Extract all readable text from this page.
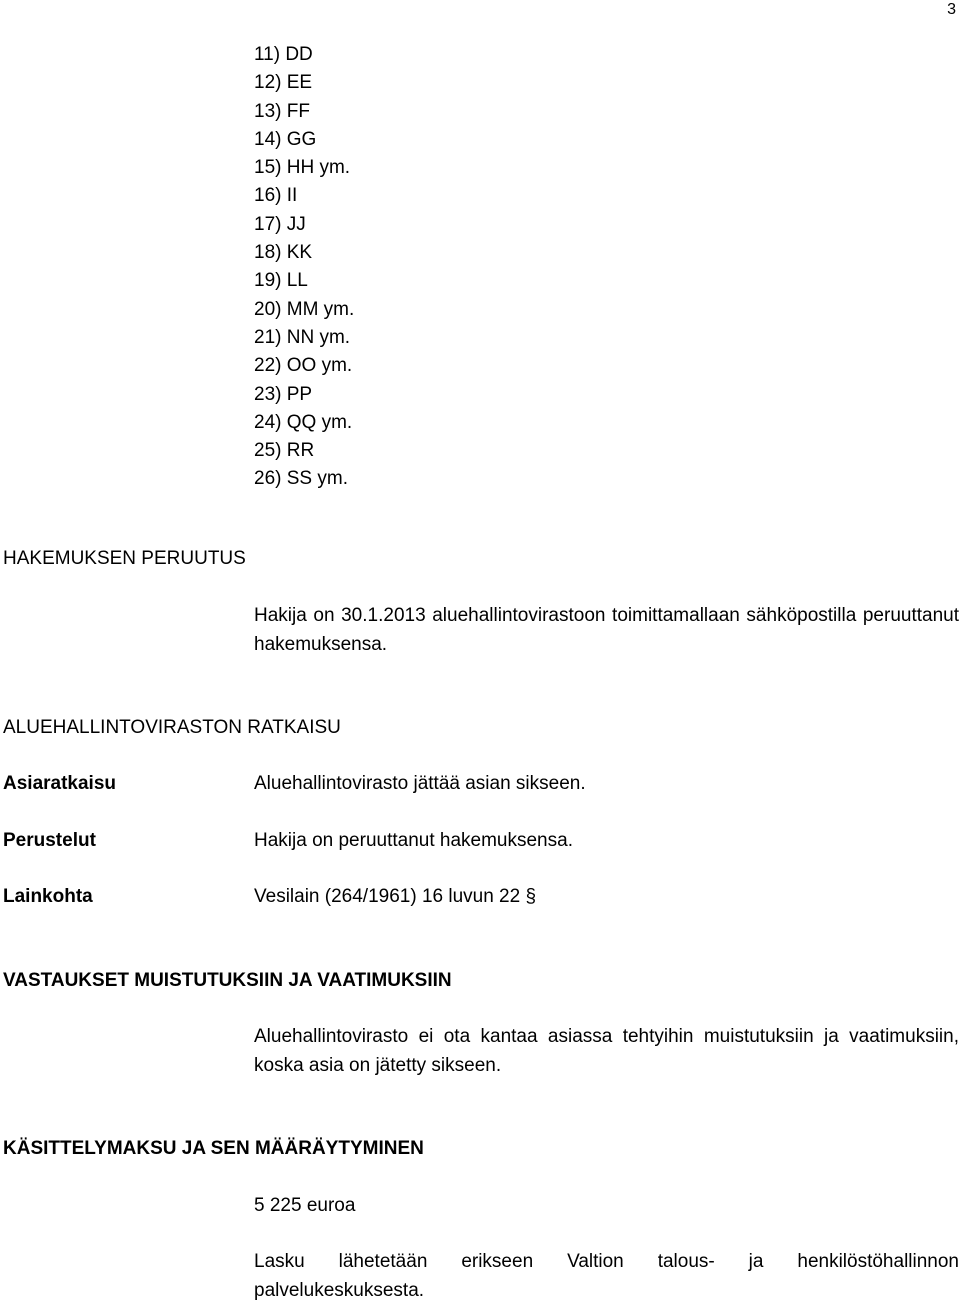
3
11) DD
12) EE
13) FF
14) GG
15) HH ym.
16) II
17) JJ
18) KK
19) LL
20) MM ym.
21) NN ym.
22) OO ym.
23) PP
24) QQ ym.
25) RR
26) SS ym.
HAKEMUKSEN PERUUTUS
Hakija on 30.1.2013 aluehallintovirastoon toimittamallaan sähköpostilla peruuttanut hakemuksensa.
ALUEHALLINTOVIRASTON RATKAISU
Asiaratkaisu	Aluehallintovirasto jättää asian sikseen.
Perustelut	Hakija on peruuttanut hakemuksensa.
Lainkohta	Vesilain (264/1961) 16 luvun 22 §
VASTAUKSET MUISTUTUKSIIN JA VAATIMUKSIIN
Aluehallintovirasto ei ota kantaa asiassa tehtyihin muistutuksiin ja vaatimuksiin, koska asia on jätetty sikseen.
KÄSITTELYMAKSU JA SEN MÄÄRÄYTYMINEN
5 225 euroa
Lasku lähetetään erikseen Valtion talous- ja henkilöstöhallinnon palvelukeskuksesta.
